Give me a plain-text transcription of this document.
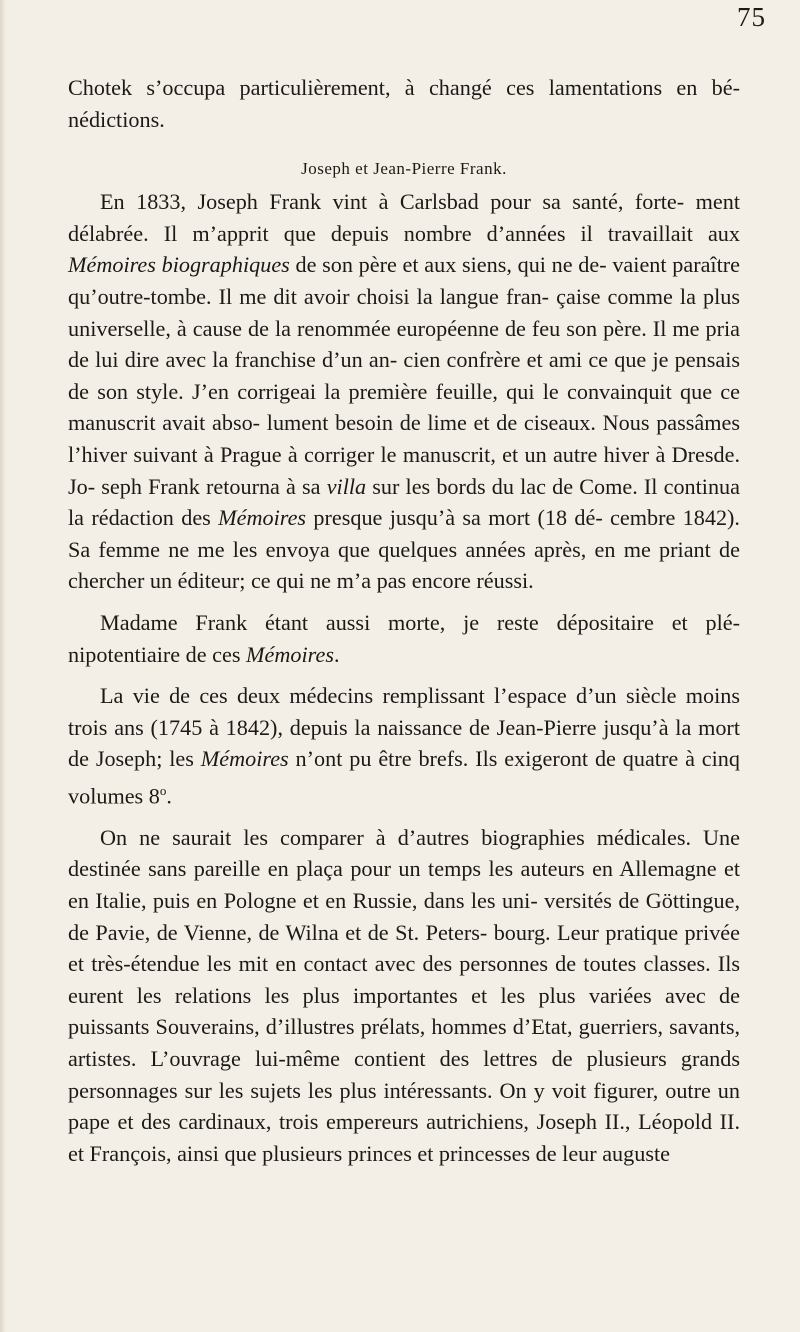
75

Chotek s’occupa particulièrement, à changé ces lamentations en bé- nédictions.

Joseph et Jean-Pierre Frank.

En 1833, Joseph Frank vint à Carlsbad pour sa santé, forte- ment délabrée. Il m’apprit que depuis nombre d’années il travaillait aux Mémoires biographiques de son père et aux siens, qui ne de- vaient paraître qu’outre-tombe. Il me dit avoir choisi la langue fran- çaise comme la plus universelle, à cause de la renommée européenne de feu son père. Il me pria de lui dire avec la franchise d’un an- cien confrère et ami ce que je pensais de son style. J’en corrigeai la première feuille, qui le convainquit que ce manuscrit avait abso- lument besoin de lime et de ciseaux. Nous passâmes l’hiver suivant à Prague à corriger le manuscrit, et un autre hiver à Dresde. Jo- seph Frank retourna à sa villa sur les bords du lac de Come. Il continua la rédaction des Mémoires presque jusqu’à sa mort (18 dé- cembre 1842). Sa femme ne me les envoya que quelques années après, en me priant de chercher un éditeur; ce qui ne m’a pas encore réussi.

Madame Frank étant aussi morte, je reste dépositaire et plé- nipotentiaire de ces Mémoires.

La vie de ces deux médecins remplissant l’espace d’un siècle moins trois ans (1745 à 1842), depuis la naissance de Jean-Pierre jusqu’à la mort de Joseph; les Mémoires n’ont pu être brefs. Ils exigeront de quatre à cinq volumes 8$^o$.

On ne saurait les comparer à d’autres biographies médicales. Une destinée sans pareille en plaça pour un temps les auteurs en Allemagne et en Italie, puis en Pologne et en Russie, dans les uni- versités de Göttingue, de Pavie, de Vienne, de Wilna et de St. Peters- bourg. Leur pratique privée et très-étendue les mit en contact avec des personnes de toutes classes. Ils eurent les relations les plus importantes et les plus variées avec de puissants Souverains, d’illustres prélats, hommes d’Etat, guerriers, savants, artistes. L’ouvrage lui-même contient des lettres de plusieurs grands personnages sur les sujets les plus intéressants. On y voit figurer, outre un pape et des cardinaux, trois empereurs autrichiens, Joseph II., Léopold II. et François, ainsi que plusieurs princes et princesses de leur auguste
